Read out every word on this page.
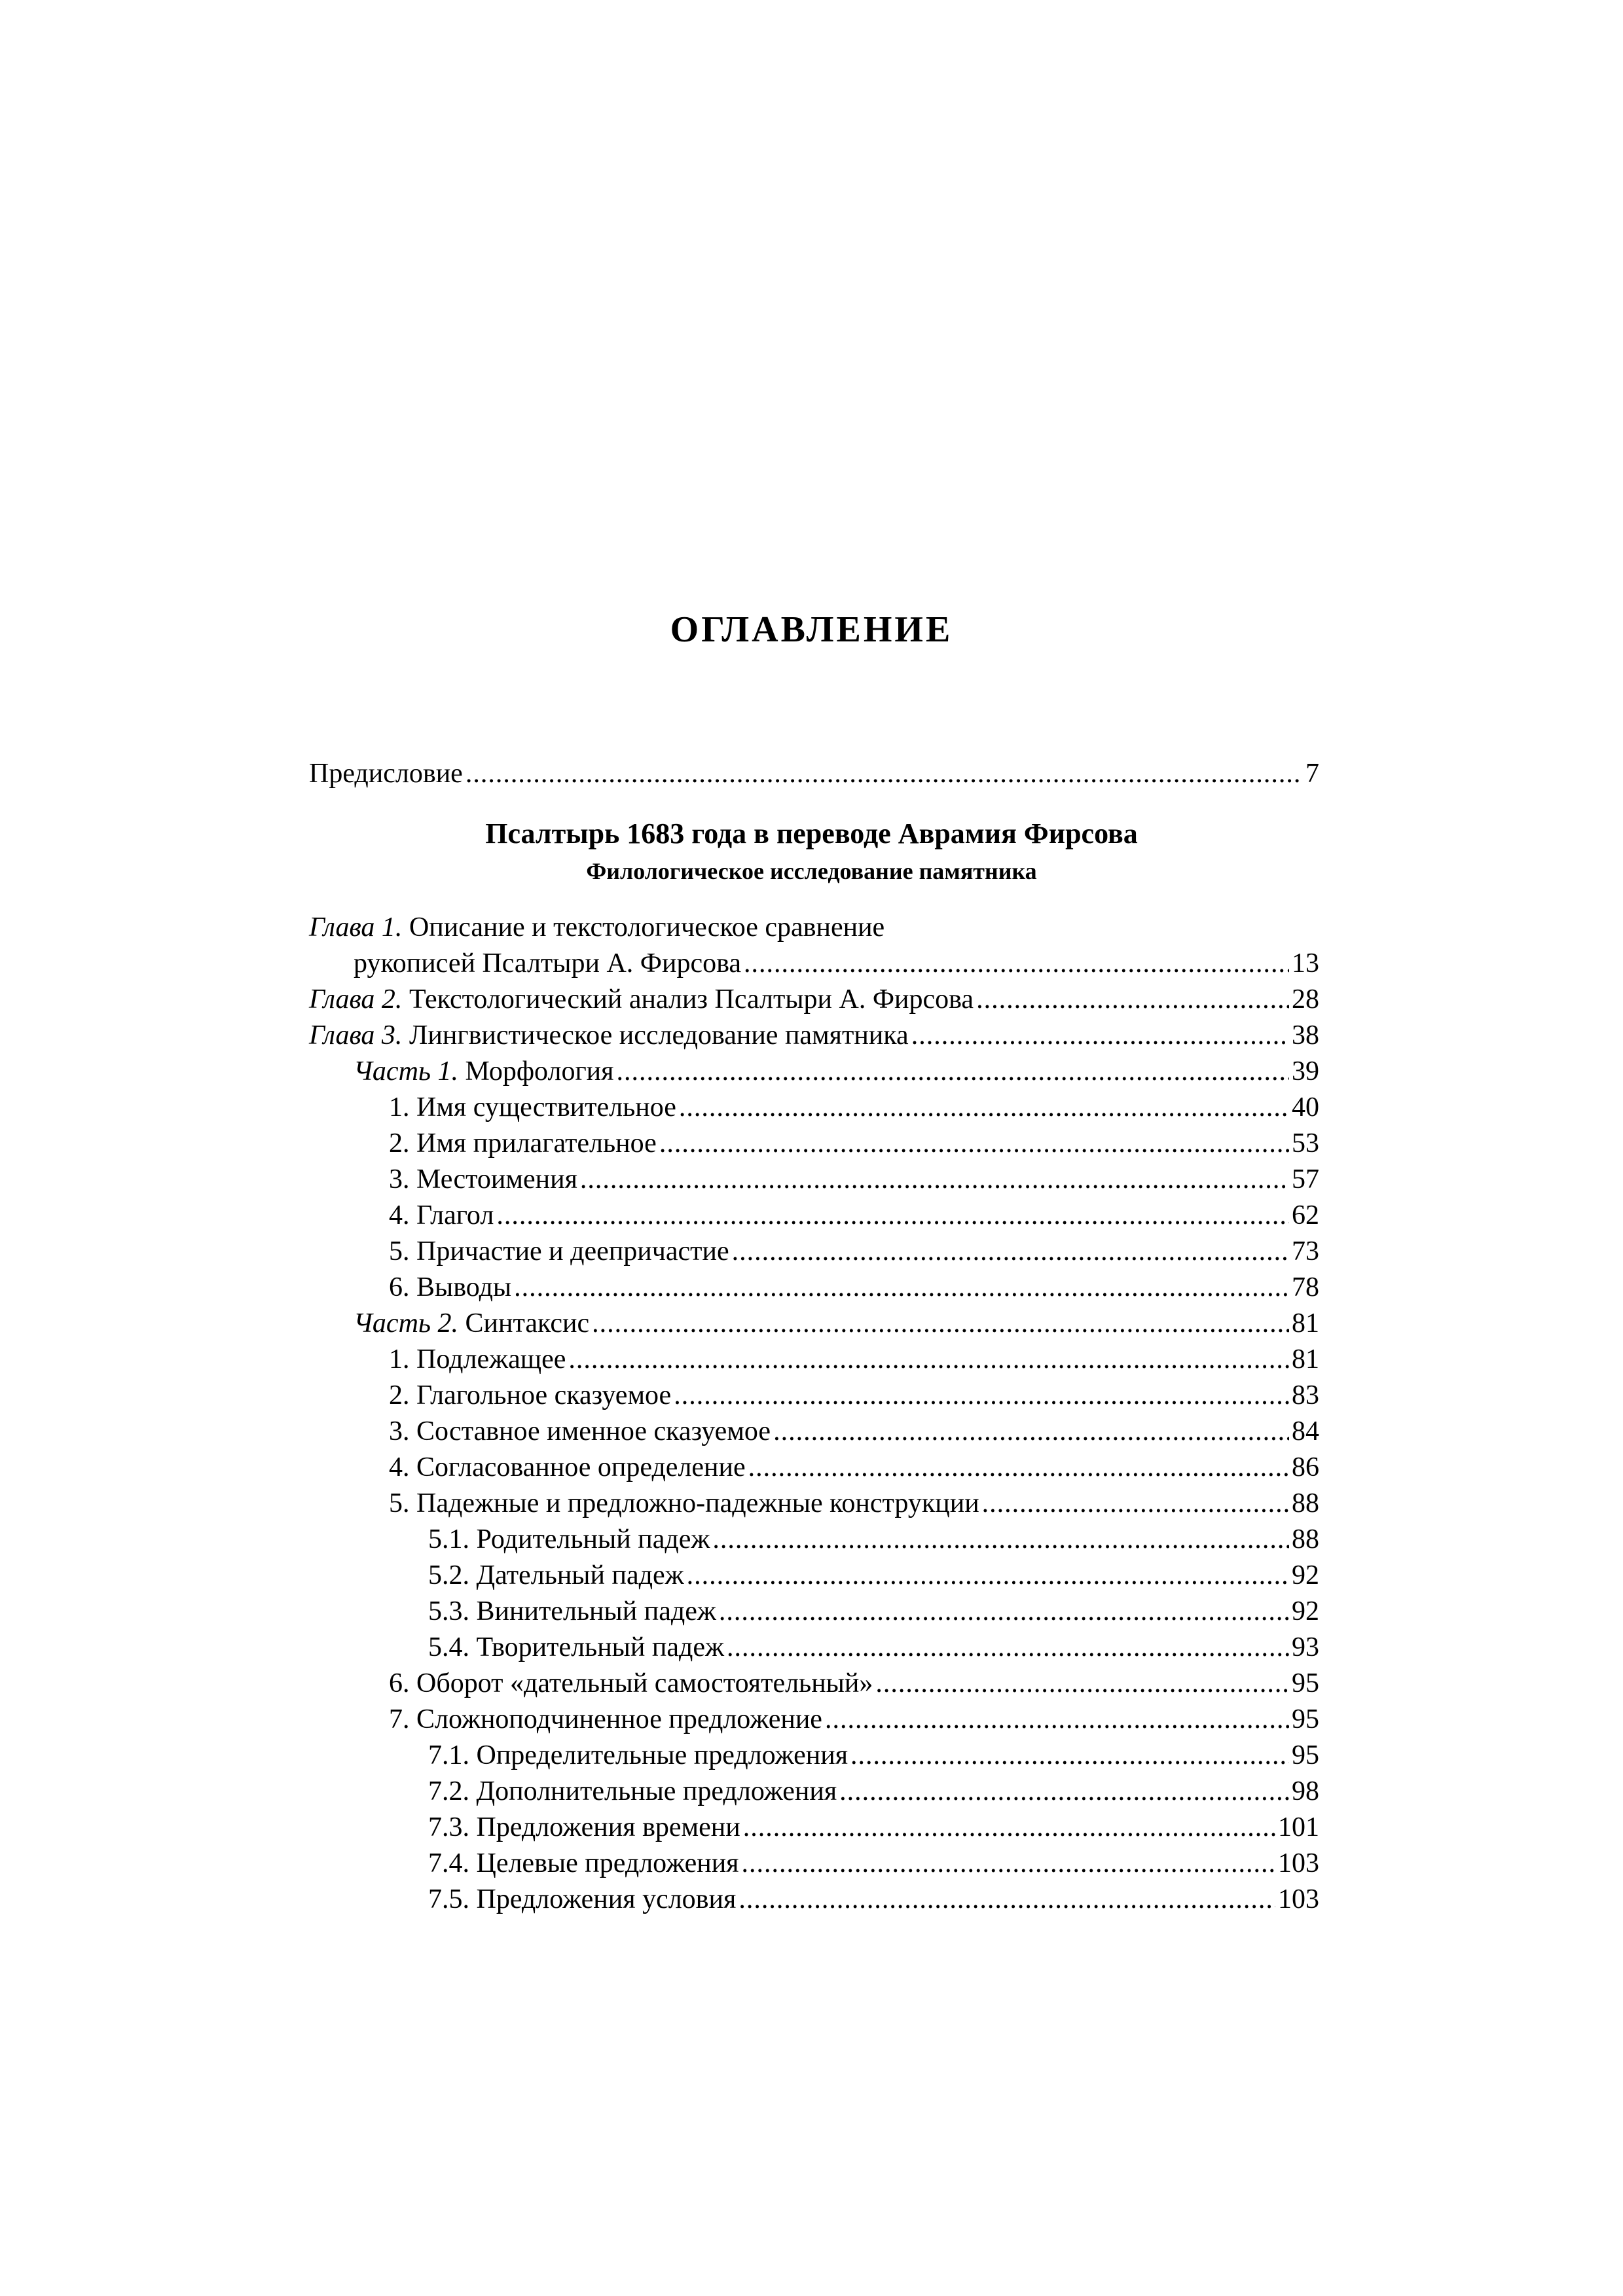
ОГЛАВЛЕНИЕ
Предисловие .....	7
Псалтырь 1683 года в переводе Аврамия Фирсова
Филологическое исследование памятника
Глава 1. Описание и текстологическое сравнение
рукописей Псалтыри А. Фирсова .....	13
Глава 2. Текстологический анализ Псалтыри А. Фирсова .....	28
Глава 3. Лингвистическое исследование памятника .....	38
Часть 1. Морфология .....	39
1. Имя существительное .....	40
2. Имя прилагательное .....	53
3. Местоимения .....	57
4. Глагол .....	62
5. Причастие и деепричастие .....	73
6. Выводы .....	78
Часть 2. Синтаксис .....	81
1. Подлежащее .....	81
2. Глагольное сказуемое .....	83
3. Составное именное сказуемое .....	84
4. Согласованное определение .....	86
5. Падежные и предложно-падежные конструкции .....	88
5.1. Родительный падеж .....	88
5.2. Дательный падеж .....	92
5.3. Винительный падеж .....	92
5.4. Творительный падеж .....	93
6. Оборот «дательный самостоятельный» .....	95
7. Сложноподчиненное предложение .....	95
7.1. Определительные предложения .....	95
7.2. Дополнительные предложения .....	98
7.3. Предложения времени .....	101
7.4. Целевые предложения .....	103
7.5. Предложения условия .....	103
